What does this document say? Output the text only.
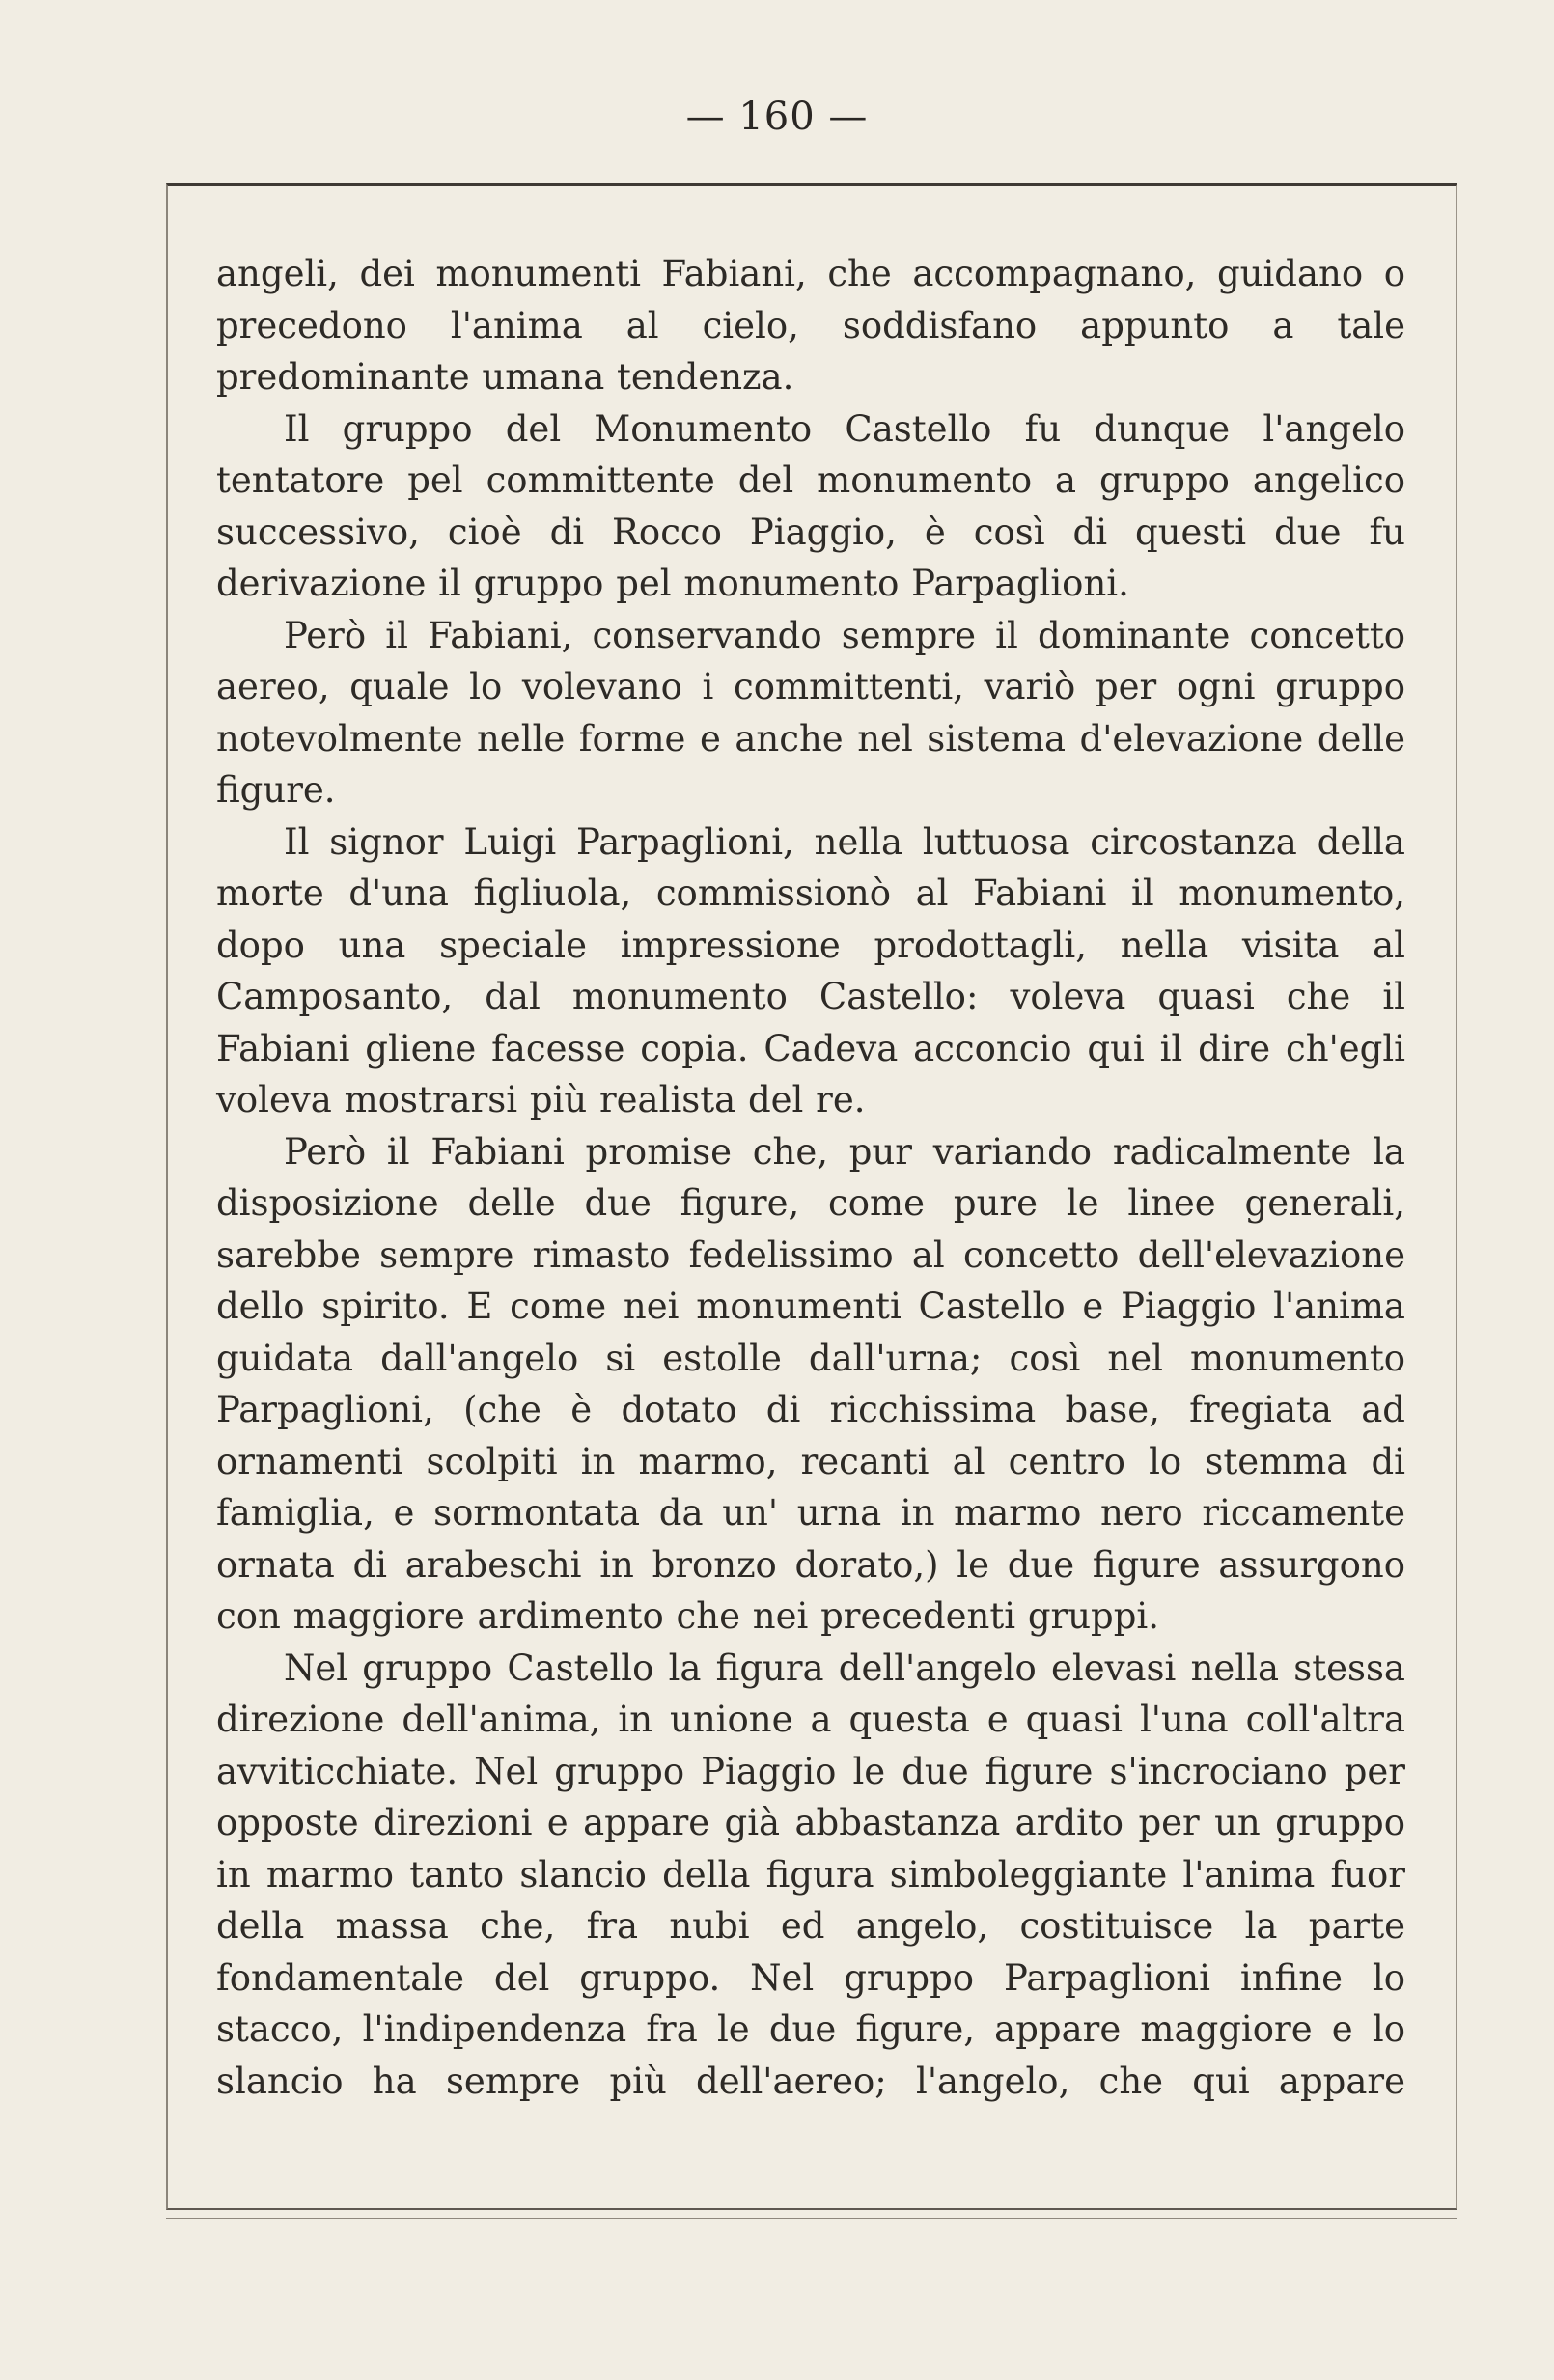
— 160 —

angeli, dei monumenti Fabiani, che accompagnano, guidano o precedono l'anima al cielo, soddisfano appunto a tale predominante umana tendenza.

Il gruppo del Monumento Castello fu dunque l'angelo tentatore pel committente del monumento a gruppo angelico successivo, cioè di Rocco Piaggio, è così di questi due fu derivazione il gruppo pel monumento Parpaglioni.

Però il Fabiani, conservando sempre il dominante concetto aereo, quale lo volevano i committenti, variò per ogni gruppo notevolmente nelle forme e anche nel sistema d'elevazione delle figure.

Il signor Luigi Parpaglioni, nella luttuosa circostanza della morte d'una figliuola, commissionò al Fabiani il monumento, dopo una speciale impressione prodottagli, nella visita al Camposanto, dal monumento Castello: voleva quasi che il Fabiani gliene facesse copia. Cadeva acconcio qui il dire ch'egli voleva mostrarsi più realista del re.

Però il Fabiani promise che, pur variando radicalmente la disposizione delle due figure, come pure le linee generali, sarebbe sempre rimasto fedelissimo al concetto dell'elevazione dello spirito. E come nei monumenti Castello e Piaggio l'anima guidata dall'angelo si estolle dall'urna; così nel monumento Parpaglioni, (che è dotato di ricchissima base, fregiata ad ornamenti scolpiti in marmo, recanti al centro lo stemma di famiglia, e sormontata da un' urna in marmo nero riccamente ornata di arabeschi in bronzo dorato,) le due figure assurgono con maggiore ardimento che nei precedenti gruppi.

Nel gruppo Castello la figura dell'angelo elevasi nella stessa direzione dell'anima, in unione a questa e quasi l'una coll'altra avviticchiate. Nel gruppo Piaggio le due figure s'incrociano per opposte direzioni e appare già abbastanza ardito per un gruppo in marmo tanto slancio della figura simboleggiante l'anima fuor della massa che, fra nubi ed angelo, costituisce la parte fondamentale del gruppo. Nel gruppo Parpaglioni infine lo stacco, l'indipendenza fra le due figure, appare maggiore e lo slancio ha sempre più dell'aereo; l'angelo, che qui appare
